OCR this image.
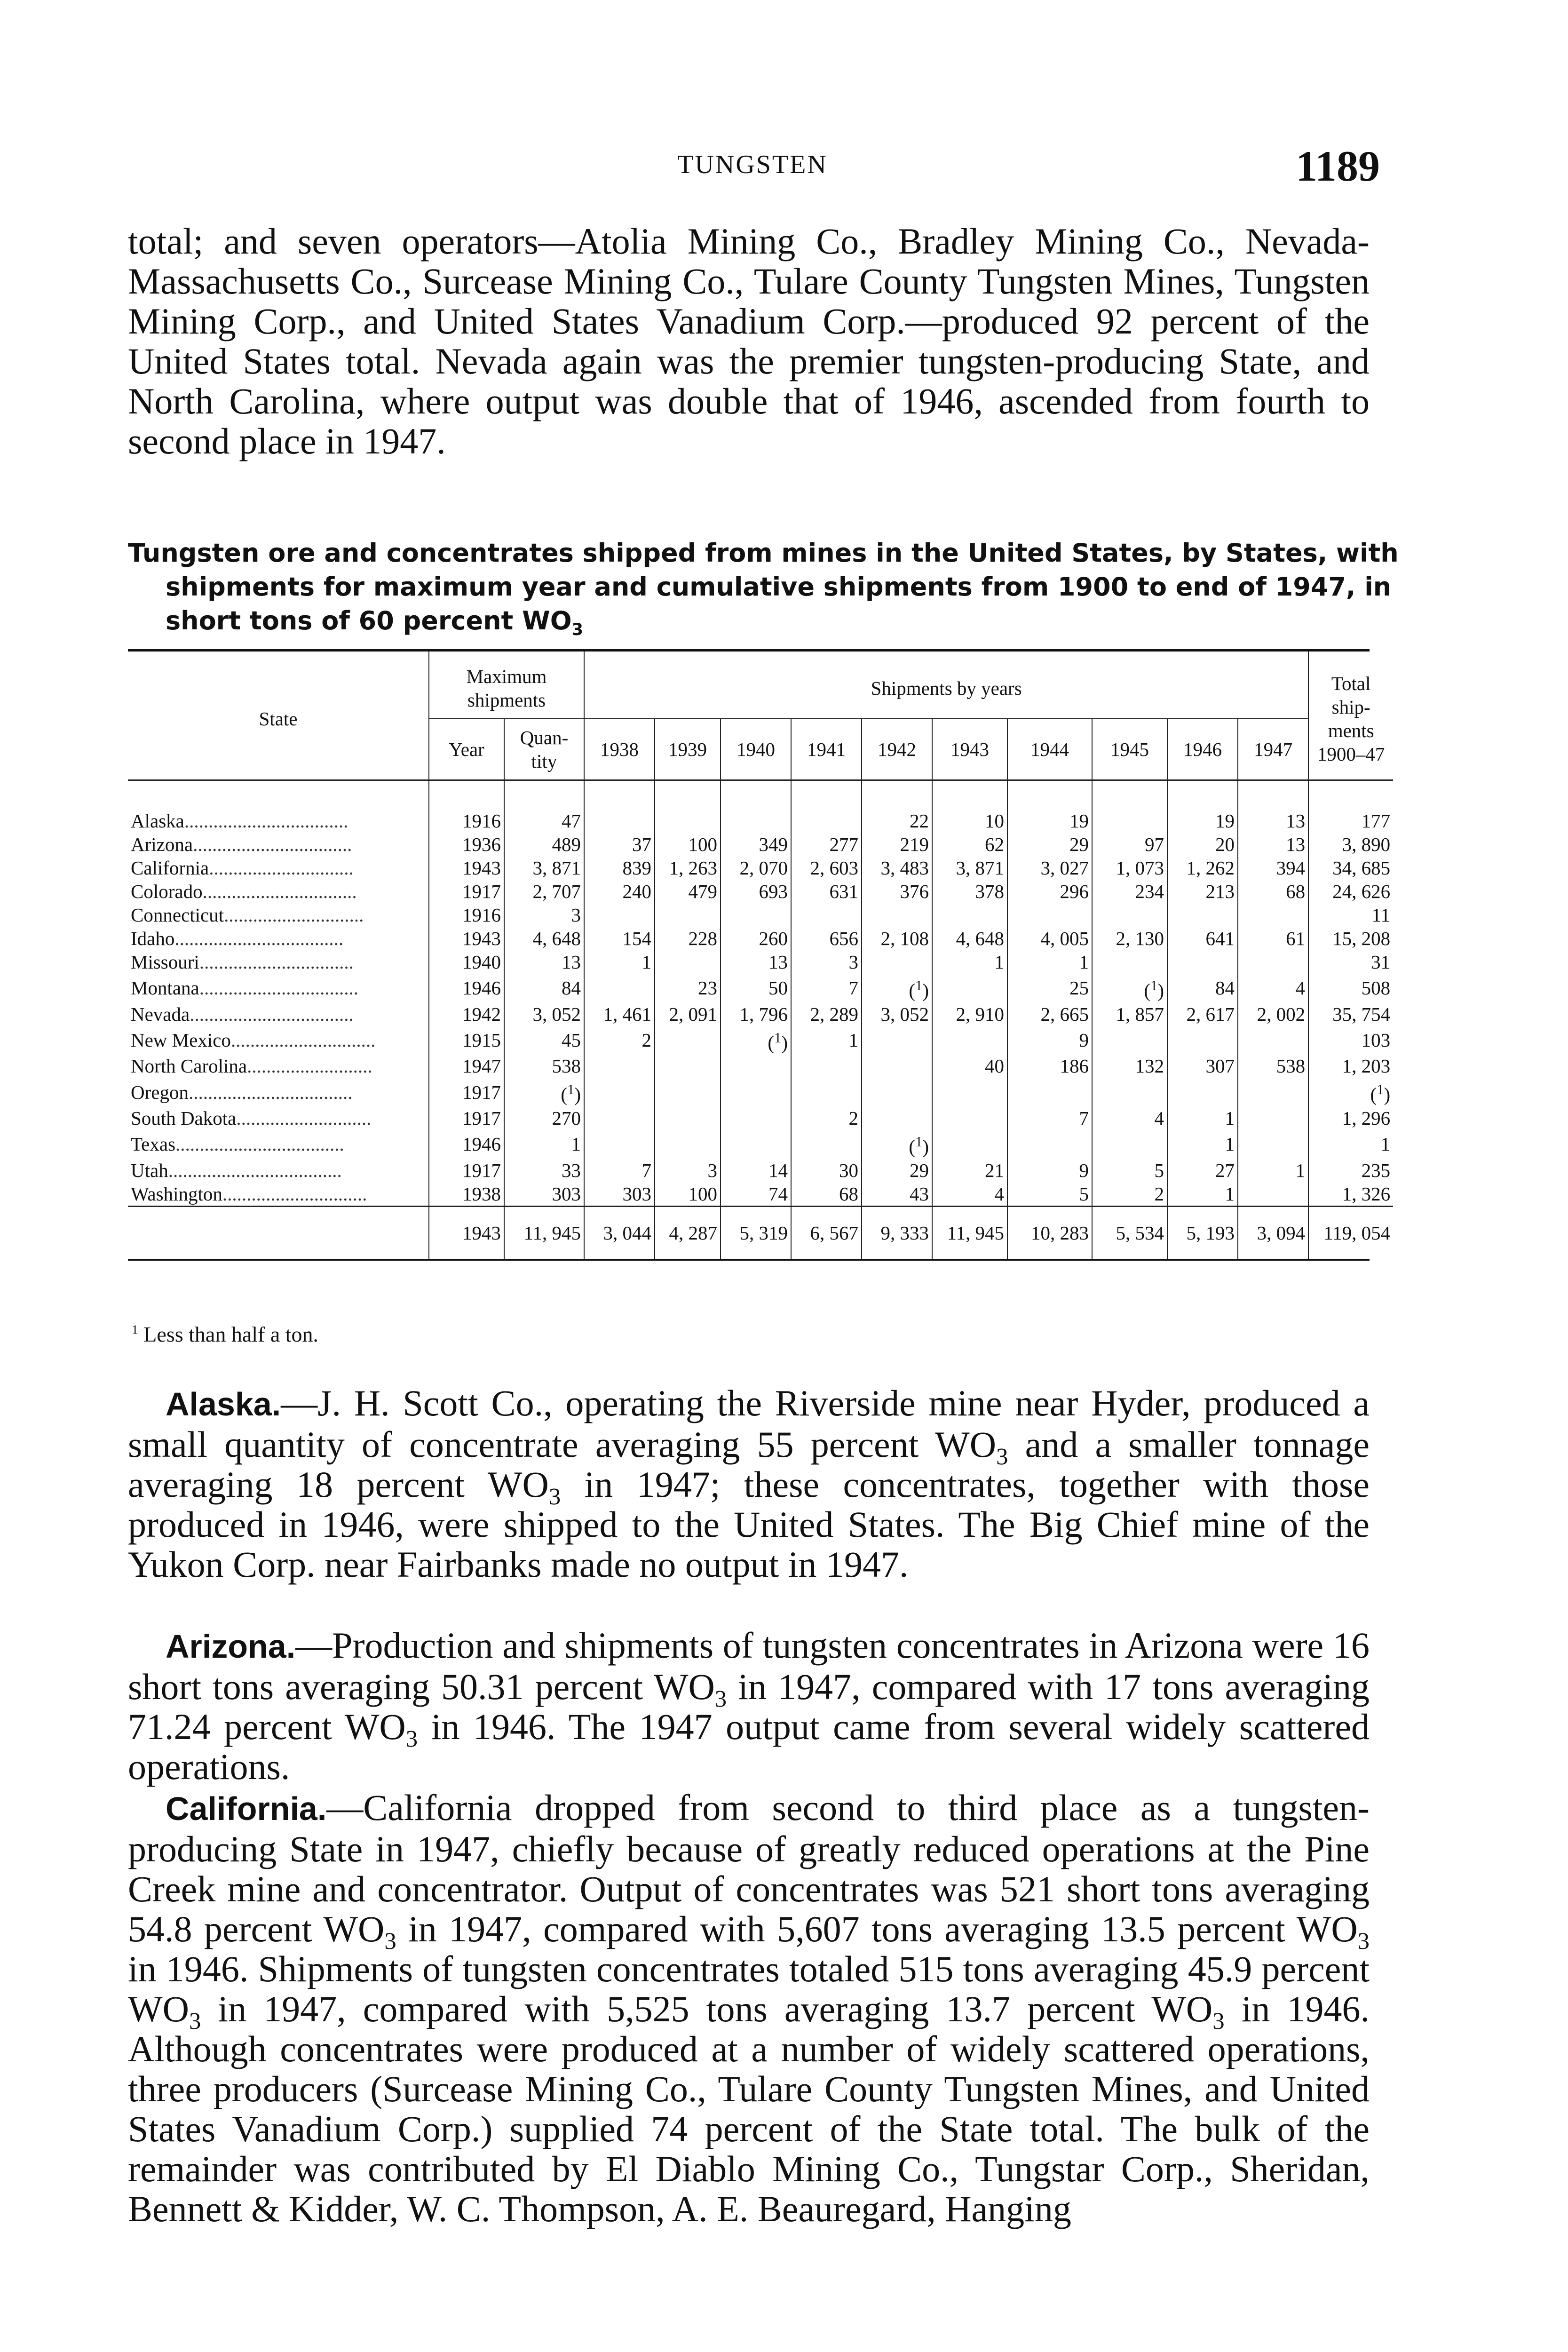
TUNGSTEN	1189

total; and seven operators—Atolia Mining Co., Bradley Mining Co., Nevada-Massachusetts Co., Surcease Mining Co., Tulare County Tungsten Mines, Tungsten Mining Corp., and United States Vanadium Corp.—produced 92 percent of the United States total. Nevada again was the premier tungsten-producing State, and North Carolina, where output was double that of 1946, ascended from fourth to second place in 1947.

Tungsten ore and concentrates shipped from mines in the United States, by States, with shipments for maximum year and cumulative shipments from 1900 to end of 1947, in short tons of 60 percent $WO_3$
State	Maximum shipments		Shipments by years										Total ship-ments 1900–47
	Year	Quan-tity	1938	1939	1940	1941	1942	1943	1944	1945	1946	1947	
Alaska..................................	1916	47					22	10	19		19	13	177
Arizona.................................	1936	489	37	100	349	277	219	62	29	97	20	13	3, 890
California..............................	1943	3, 871	839	1, 263	2, 070	2, 603	3, 483	3, 871	3, 027	1, 073	1, 262	394	34, 685
Colorado................................	1917	2, 707	240	479	693	631	376	378	296	234	213	68	24, 626
Connecticut.............................	1916	3											11
Idaho...................................	1943	4, 648	154	228	260	656	2, 108	4, 648	4, 005	2, 130	641	61	15, 208
Missouri................................	1940	13	1		13	3		1	1				31
Montana.................................	1946	84		23	50	7	($^1$)		25	($^1$)	84	4	508
Nevada..................................	1942	3, 052	1, 461	2, 091	1, 796	2, 289	3, 052	2, 910	2, 665	1, 857	2, 617	2, 002	35, 754
New Mexico..............................	1915	45	2		($^1$)	1			9				103
North Carolina..........................	1947	538						40	186	132	307	538	1, 203
Oregon..................................	1917	($^1$)											($^1$)
South Dakota............................	1917	270				2			7	4	1		1, 296
Texas...................................	1946	1					($^1$)				1		1
Utah....................................	1917	33	7	3	14	30	29	21	9	5	27	1	235
Washington..............................	1938	303	303	100	74	68	43	4	5	2	1		1, 326
	1943	11, 945	3, 044	4, 287	5, 319	6, 567	9, 333	11, 945	10, 283	5, 534	5, 193	3, 094	119, 054
$^1$ Less than half a ton.

Alaska.—J. H. Scott Co., operating the Riverside mine near Hyder, produced a small quantity of concentrate averaging 55 percent $WO_3$ and a smaller tonnage averaging 18 percent $WO_3$ in 1947; these concentrates, together with those produced in 1946, were shipped to the United States. The Big Chief mine of the Yukon Corp. near Fairbanks made no output in 1947.

Arizona.—Production and shipments of tungsten concentrates in Arizona were 16 short tons averaging 50.31 percent $WO_3$ in 1947, compared with 17 tons averaging 71.24 percent $WO_3$ in 1946. The 1947 output came from several widely scattered operations.

California.—California dropped from second to third place as a tungsten-producing State in 1947, chiefly because of greatly reduced operations at the Pine Creek mine and concentrator. Output of concentrates was 521 short tons averaging 54.8 percent $WO_3$ in 1947, compared with 5,607 tons averaging 13.5 percent $WO_3$ in 1946. Shipments of tungsten concentrates totaled 515 tons averaging 45.9 percent $WO_3$ in 1947, compared with 5,525 tons averaging 13.7 percent $WO_3$ in 1946. Although concentrates were produced at a number of widely scattered operations, three producers (Surcease Mining Co., Tulare County Tungsten Mines, and United States Vanadium Corp.) supplied 74 percent of the State total. The bulk of the remainder was contributed by El Diablo Mining Co., Tungstar Corp., Sheridan, Bennett & Kidder, W. C. Thompson, A. E. Beauregard, Hanging
